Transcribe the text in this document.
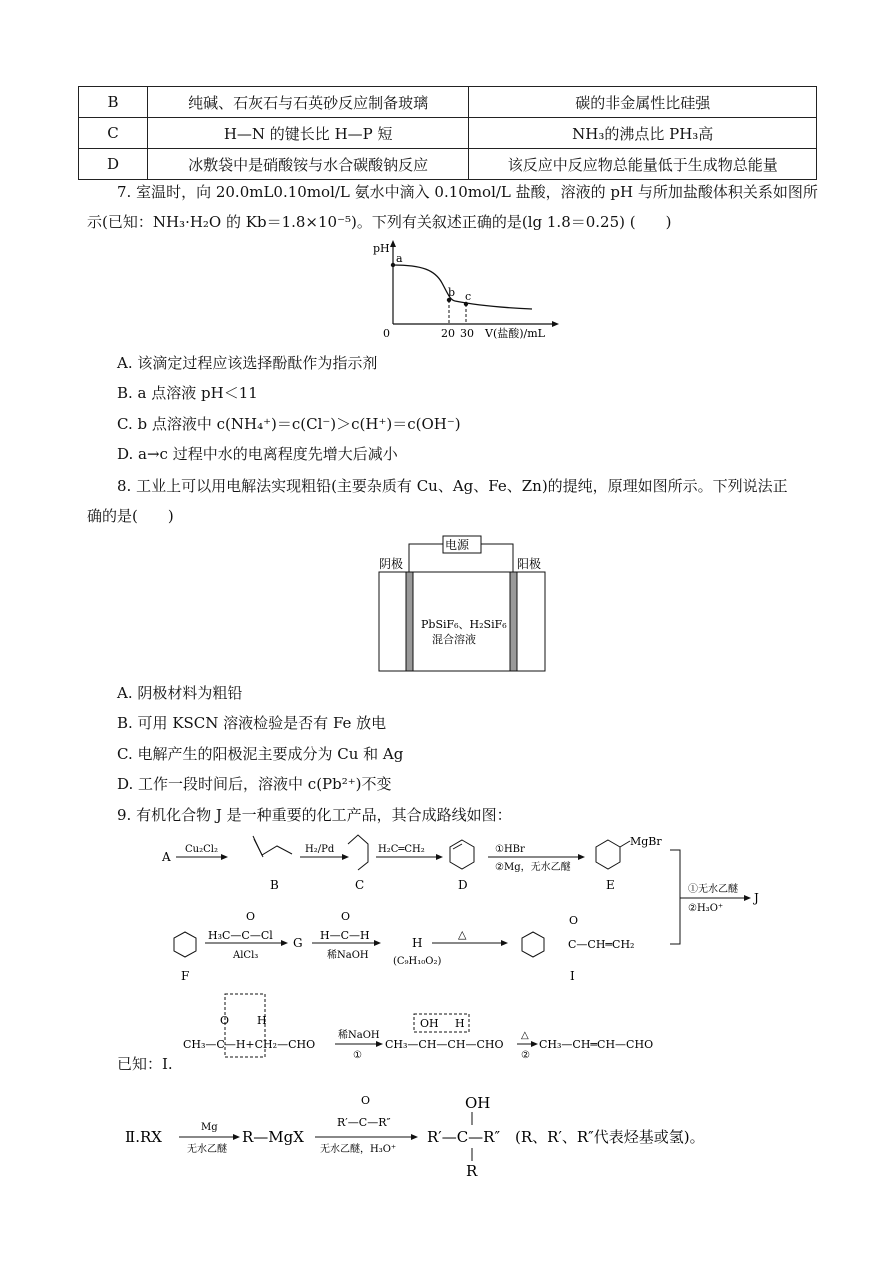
B	纯碱、石灰石与石英砂反应制备玻璃	碳的非金属性比硅强
C	H—N 的键长比 H—P 短	NH₃的沸点比 PH₃高
D	冰敷袋中是硝酸铵与水合碳酸钠反应	该反应中反应物总能量低于生成物总能量
7. 室温时，向 20.0mL0.10mol/L 氨水中滴入 0.10mol/L 盐酸，溶液的 pH 与所加盐酸体积关系如图所
示(已知：NH₃·H₂O 的 Kb＝1.8×10⁻⁵)。下列有关叙述正确的是(lg 1.8＝0.25) (　　)
pH
a
b c
0	20 30 V(盐酸)/mL
A. 该滴定过程应该选择酚酞作为指示剂
B. a 点溶液 pH＜11
C. b 点溶液中 c(NH₄⁺)＝c(Cl⁻)＞c(H⁺)＝c(OH⁻)
D. a→c 过程中水的电离程度先增大后减小
8. 工业上可以用电解法实现粗铅(主要杂质有 Cu、Ag、Fe、Zn)的提纯，原理如图所示。下列说法正
确的是(　　)
电源
阴极	阳极
PbSiF₆、H₂SiF₆
混合溶液
A. 阴极材料为粗铅
B. 可用 KSCN 溶液检验是否有 Fe 放电
C. 电解产生的阳极泥主要成分为 Cu 和 Ag
D. 工作一段时间后，溶液中 c(Pb²⁺)不变
9. 有机化合物 J 是一种重要的化工产品，其合成路线如图：
A
Cu₂Cl₂
B
H₂/Pd
C
H₂C═CH₂
D
①HBr
②Mg，无水乙醚
MgBr
E	①无水乙醚
②H₃O⁺
J
F
O
H₃C—C—Cl
AlCl₃
G
O
H—C—H
稀NaOH
H
(C₉H₁₀O₂)
△
O
C—CH═CH₂
I
已知：Ⅰ.
O	H
CH₃—C—H+CH₂—CHO
稀NaOH
①
OH H
CH₃—CH—CH—CHO
△
②
CH₃—CH═CH—CHO
Ⅱ.RX
Mg
无水乙醚
R—MgX
O
R′—C—R″
无水乙醚，H₃O⁺
OH
R′—C—R″
R
(R、R′、R″代表烃基或氢)。
